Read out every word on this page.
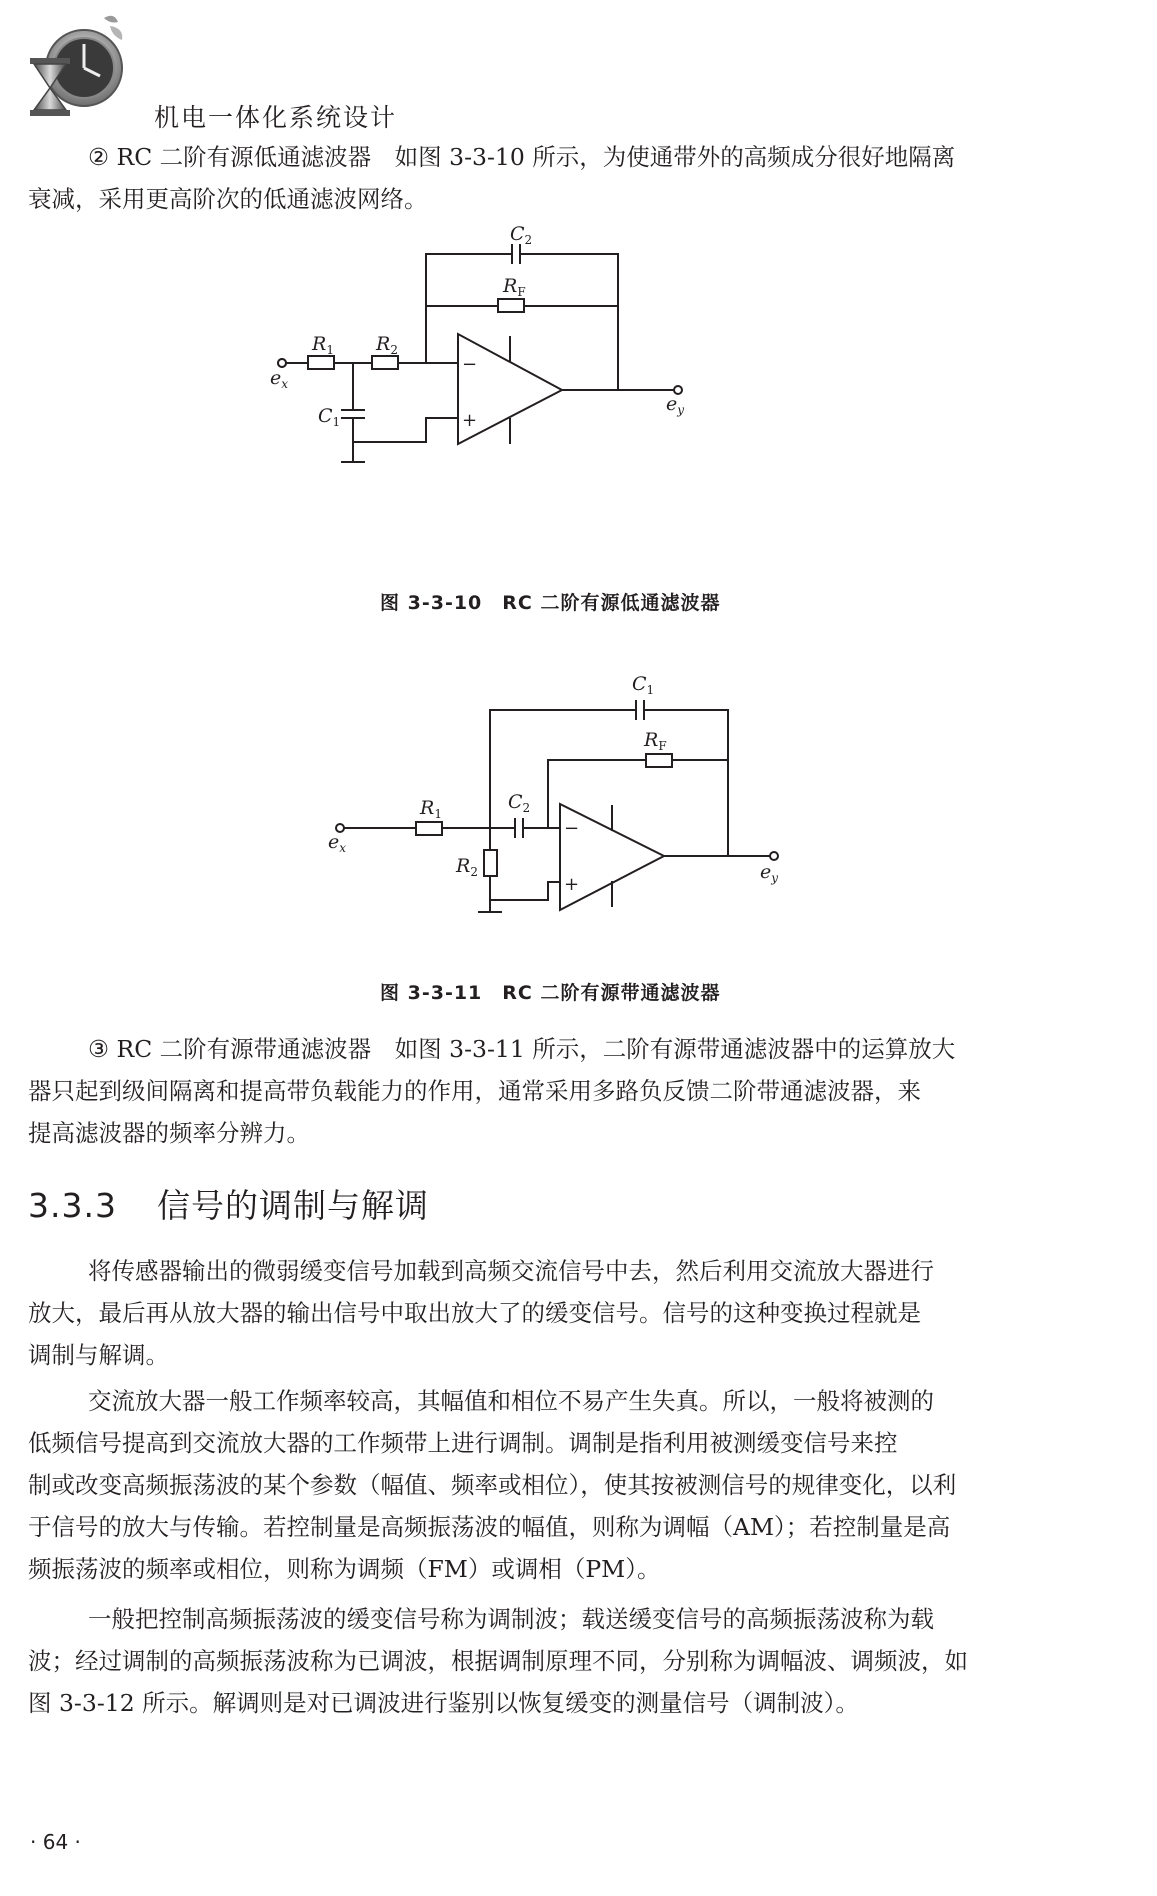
机电一体化系统设计
② RC 二阶有源低通滤波器　如图 3-3-10 所示，为使通带外的高频成分很好地隔离
衰减，采用更高阶次的低通滤波网络。
$C_2$
$R_F$
$R_1$ $R_2$
$C_1$
$e_x$
$e_y$
−
+
图 3-3-10　RC 二阶有源低通滤波器
$C_1$
$R_F$
$R_1$
$C_2$
$R_2$
$e_x$
$e_y$
−
+
图 3-3-11　RC 二阶有源带通滤波器
③ RC 二阶有源带通滤波器　如图 3-3-11 所示，二阶有源带通滤波器中的运算放大
器只起到级间隔离和提高带负载能力的作用，通常采用多路负反馈二阶带通滤波器，来
提高滤波器的频率分辨力。
3.3.3 信号的调制与解调
将传感器输出的微弱缓变信号加载到高频交流信号中去，然后利用交流放大器进行
放大，最后再从放大器的输出信号中取出放大了的缓变信号。信号的这种变换过程就是
调制与解调。
交流放大器一般工作频率较高，其幅值和相位不易产生失真。所以，一般将被测的
低频信号提高到交流放大器的工作频带上进行调制。调制是指利用被测缓变信号来控
制或改变高频振荡波的某个参数（幅值、频率或相位），使其按被测信号的规律变化，以利
于信号的放大与传输。若控制量是高频振荡波的幅值，则称为调幅（AM）；若控制量是高
频振荡波的频率或相位，则称为调频（FM）或调相（PM）。
一般把控制高频振荡波的缓变信号称为调制波；载送缓变信号的高频振荡波称为载
波；经过调制的高频振荡波称为已调波，根据调制原理不同，分别称为调幅波、调频波，如
图 3-3-12 所示。解调则是对已调波进行鉴别以恢复缓变的测量信号（调制波）。
· 64 ·
